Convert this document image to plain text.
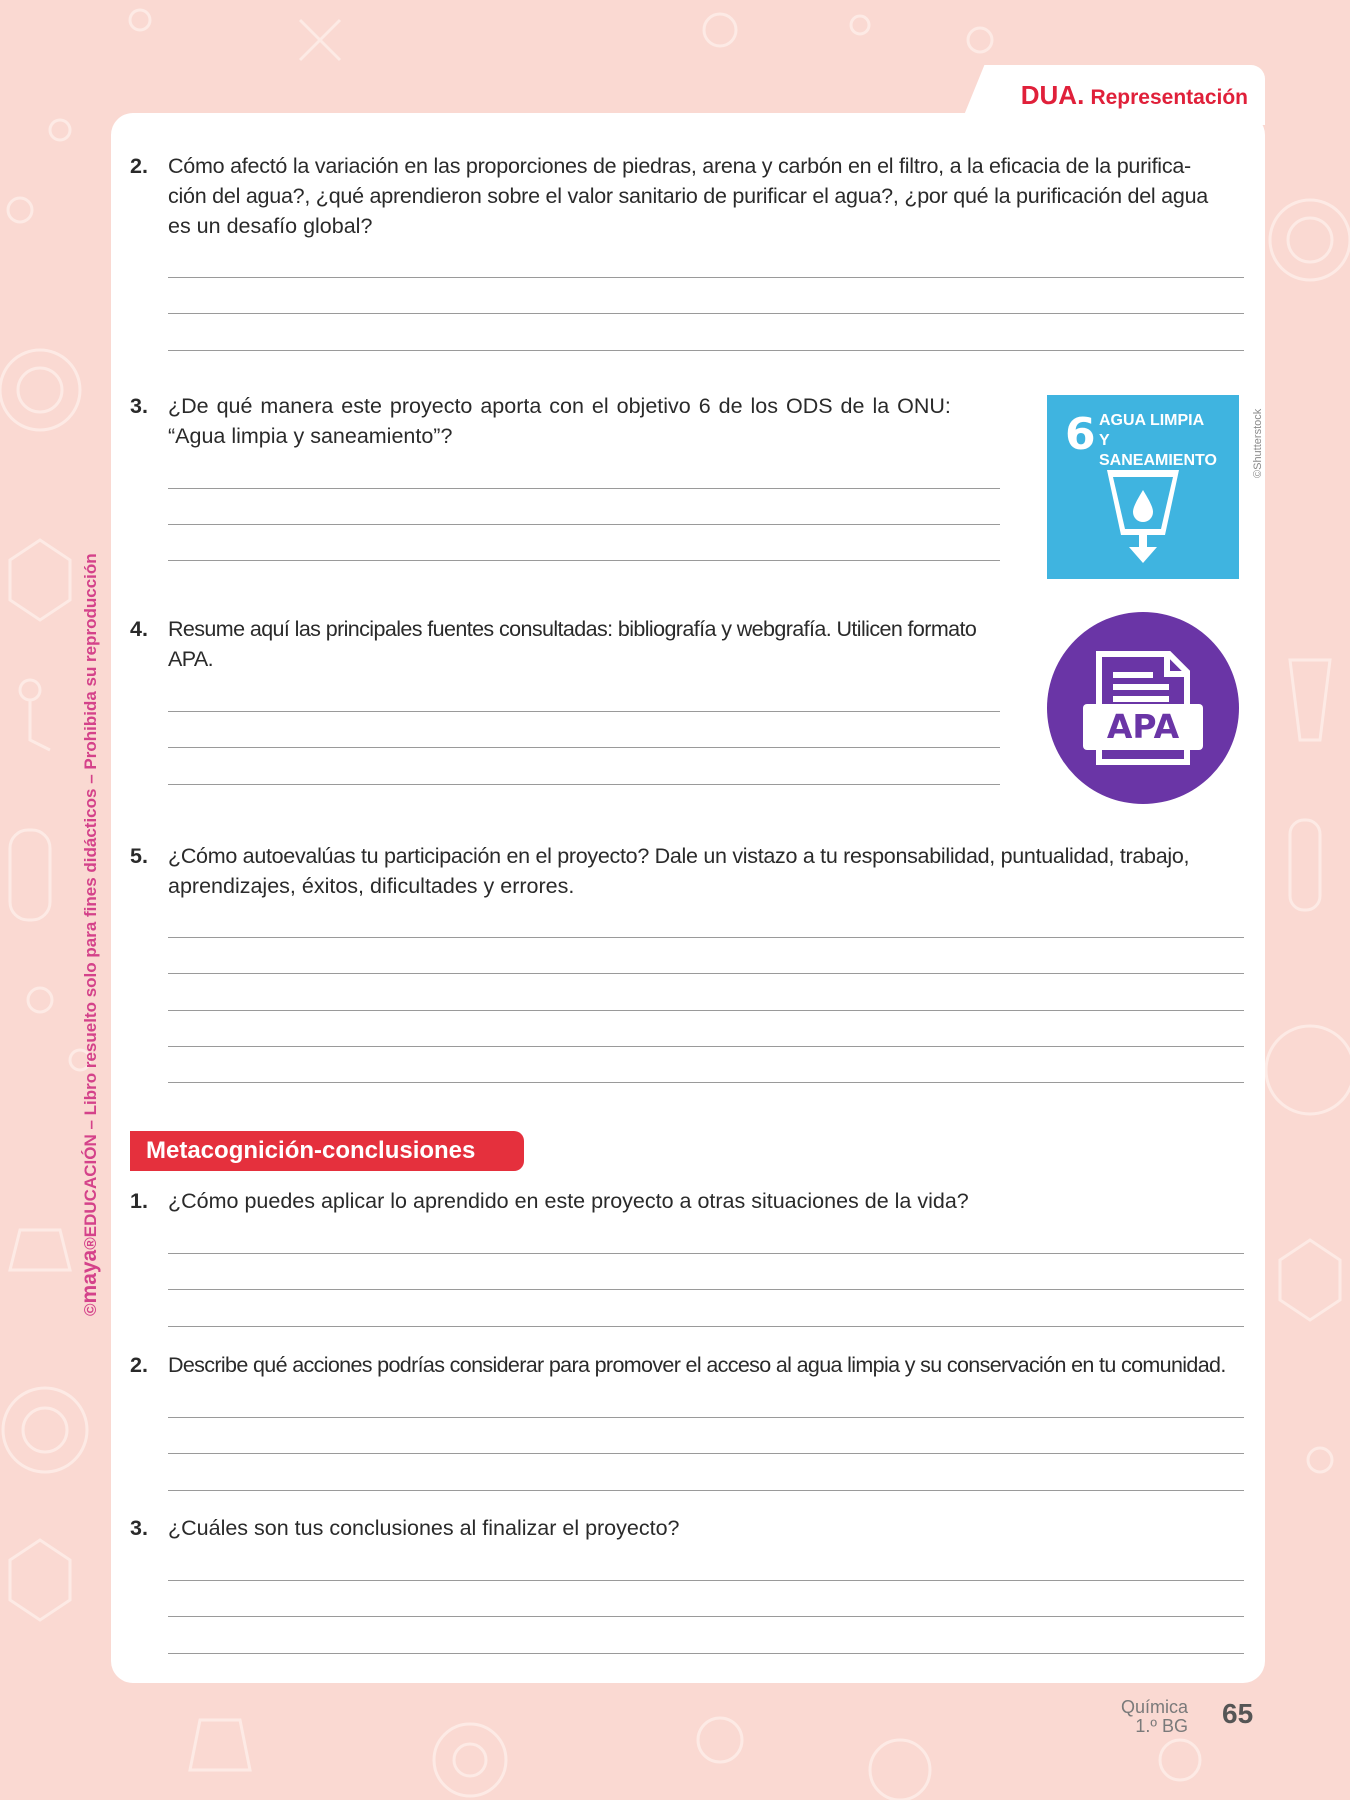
DUA. Representación
©maya®EDUCACIÓN – Libro resuelto solo para fines didácticos – Prohibida su reproducción
2. Cómo afectó la variación en las proporciones de piedras, arena y carbón en el filtro, a la eficacia de la purifica-
ción del agua?, ¿qué aprendieron sobre el valor sanitario de purificar el agua?, ¿por qué la purificación del agua
es un desafío global?
3. ¿De qué manera este proyecto aporta con el objetivo 6 de los ODS de la ONU:
“Agua limpia y saneamiento”?	6 AGUA LIMPIA
Y SANEAMIENTO	©Shutterstock
4. Resume aquí las principales fuentes consultadas: bibliografía y webgrafía. Utilicen formato
APA.
APA
5. ¿Cómo autoevalúas tu participación en el proyecto? Dale un vistazo a tu responsabilidad, puntualidad, trabajo,
aprendizajes, éxitos, dificultades y errores.
Metacognición-conclusiones
1. ¿Cómo puedes aplicar lo aprendido en este proyecto a otras situaciones de la vida?
2. Describe qué acciones podrías considerar para promover el acceso al agua limpia y su conservación en tu comunidad.
3. ¿Cuáles son tus conclusiones al finalizar el proyecto?
Química
1.º BG 65
